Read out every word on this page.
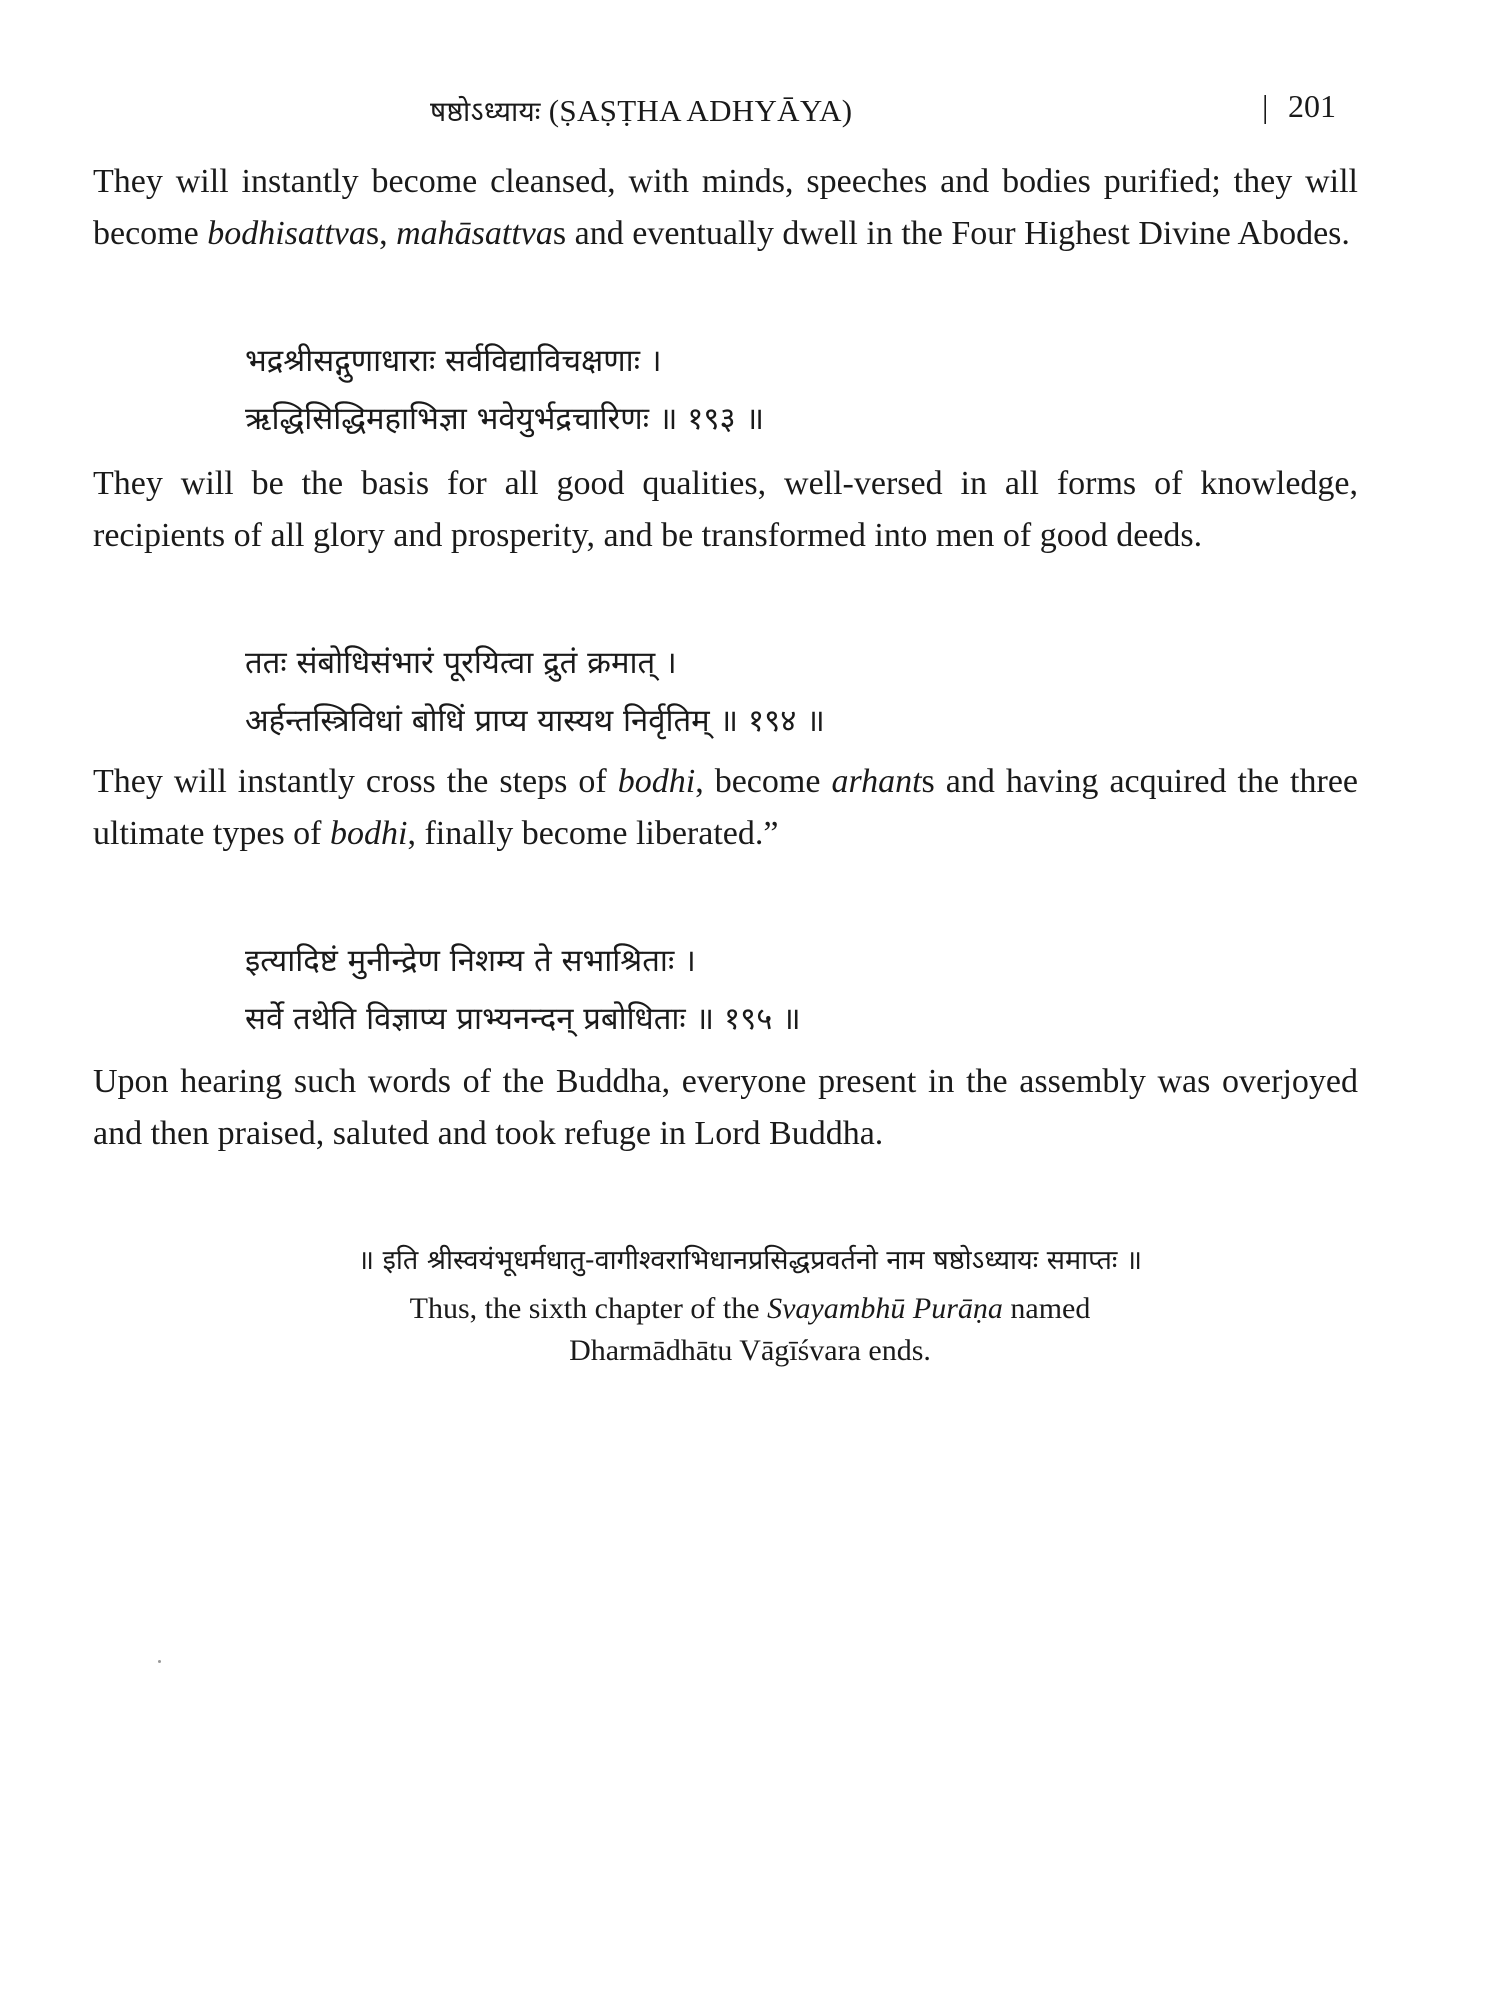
षष्ठोऽध्यायः (ṢAṢṬHA ADHYĀYA)	| 201
They will instantly become cleansed, with minds, speeches and bodies purified; they will become bodhisattvas, mahāsattvas and eventually dwell in the Four Highest Divine Abodes.
भद्रश्रीसद्गुणाधाराः सर्वविद्याविचक्षणाः ।
ऋद्धिसिद्धिमहाभिज्ञा भवेयुर्भद्रचारिणः ॥ १९३ ॥
They will be the basis for all good qualities, well-versed in all forms of knowledge, recipients of all glory and prosperity, and be transformed into men of good deeds.
ततः संबोधिसंभारं पूरयित्वा द्रुतं क्रमात् ।
अर्हन्तस्त्रिविधां बोधिं प्राप्य यास्यथ निर्वृतिम् ॥ १९४ ॥
They will instantly cross the steps of bodhi, become arhants and having acquired the three ultimate types of bodhi, finally become liberated.”
इत्यादिष्टं मुनीन्द्रेण निशम्य ते सभाश्रिताः ।
सर्वे तथेति विज्ञाप्य प्राभ्यनन्दन् प्रबोधिताः ॥ १९५ ॥
Upon hearing such words of the Buddha, everyone present in the assembly was overjoyed and then praised, saluted and took refuge in Lord Buddha.
॥ इति श्रीस्वयंभूधर्मधातु-वागीश्वराभिधानप्रसिद्धप्रवर्तनो नाम षष्ठोऽध्यायः समाप्तः ॥
Thus, the sixth chapter of the Svayambhū Purāṇa named
Dharmādhātu Vāgīśvara ends.
